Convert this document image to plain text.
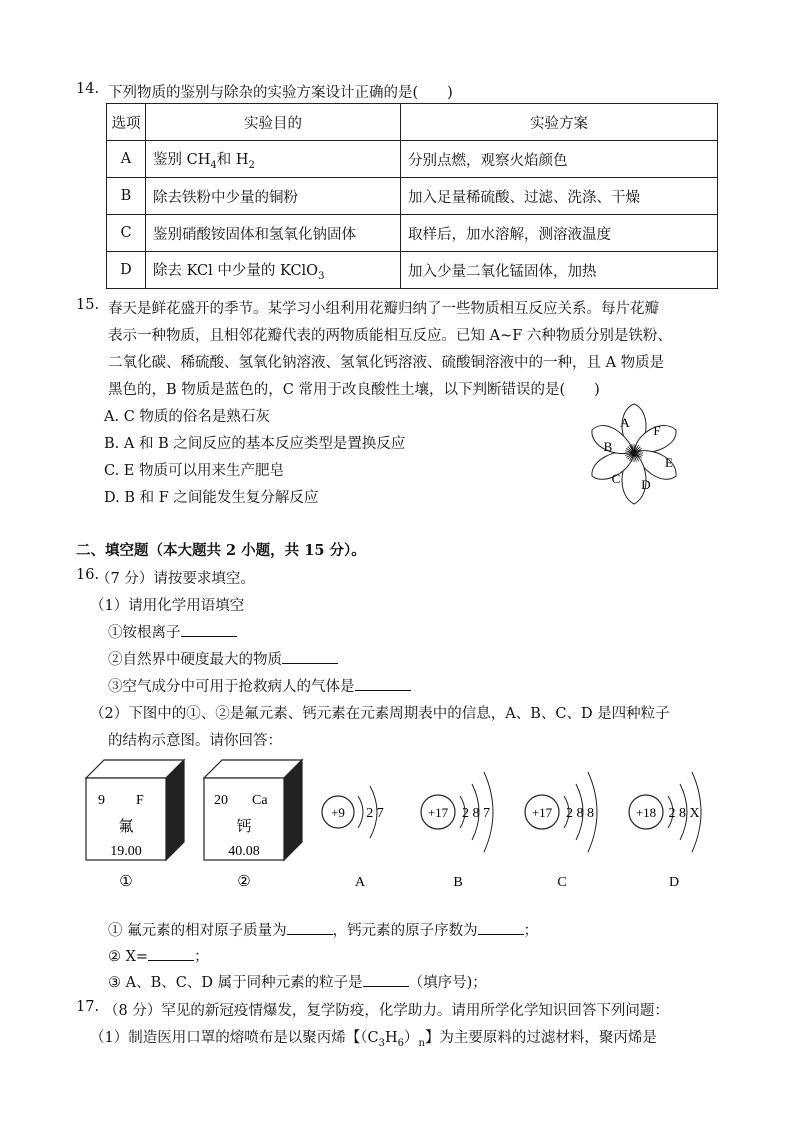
14. 下列物质的鉴别与除杂的实验方案设计正确的是(　　)
选项	实验目的	实验方案
A	鉴别 $CH_4$和 $H_2$	分别点燃，观察火焰颜色
B	除去铁粉中少量的铜粉	加入足量稀硫酸、过滤、洗涤、干燥
C	鉴别硝酸铵固体和氢氧化钠固体	取样后，加水溶解，测溶液温度
D	除去 KCl 中少量的 KClO$_3$	加入少量二氧化锰固体，加热
15. 春天是鲜花盛开的季节。某学习小组利用花瓣归纳了一些物质相互反应关系。每片花瓣
表示一种物质，且相邻花瓣代表的两物质能相互反应。已知 A~F 六种物质分别是铁粉、
二氧化碳、稀硫酸、氢氧化钠溶液、氢氧化钙溶液、硫酸铜溶液中的一种，且 A 物质是
黑色的，B 物质是蓝色的，C 常用于改良酸性土壤，以下判断错误的是(　　)
A. C 物质的俗名是熟石灰
B. A 和 B 之间反应的基本反应类型是置换反应
C. E 物质可以用来生产肥皂
D. B 和 F 之间能发生复分解反应
A
F
E
D
C
B
二、填空题（本大题共 2 小题，共 15 分）。
16.
（7 分）请按要求填空。
（1）请用化学用语填空
①铵根离子
②自然界中硬度最大的物质
③空气成分中可用于抢救病人的气体是
（2）下图中的①、②是氟元素、钙元素在元素周期表中的信息，A、B、C、D 是四种粒子
的结构示意图。请你回答：
9 F
氟
19.00
①
20 Ca
钙
40.08
②
+9 2 7
A
+17 2 8 7
B
+17 2 8 8
C
+18 2 8 X
D
① 氟元素的相对原子质量为	，钙元素的原子序数为	；
② X=	；
③ A、B、C、D 属于同种元素的粒子是	（填序号)；
17. （8 分）罕见的新冠疫情爆发，复学防疫，化学助力。请用所学化学知识回答下列问题：
（1）制造医用口罩的熔喷布是以聚丙烯【$(C_3H_6)_n$】为主要原料的过滤材料，聚丙烯是
